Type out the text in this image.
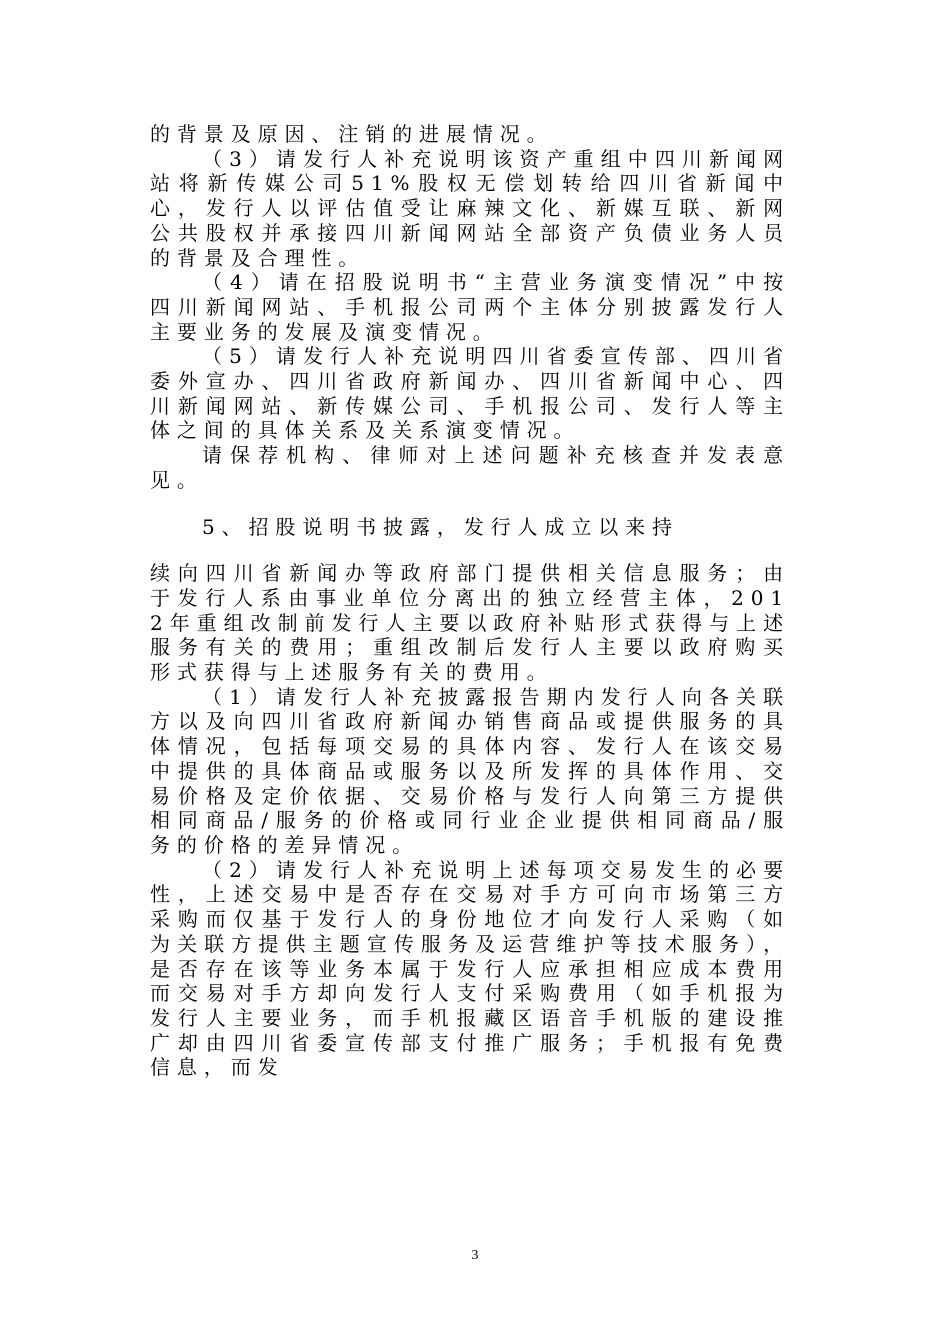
的背景及原因、注销的进展情况。

（3）请发行人补充说明该资产重组中四川新闻网站将新传媒公司51%股权无偿划转给四川省新闻中心，发行人以评估值受让麻辣文化、新媒互联、新网公共股权并承接四川新闻网站全部资产负债业务人员的背景及合理性。

（4）请在招股说明书“主营业务演变情况”中按四川新闻网站、手机报公司两个主体分别披露发行人主要业务的发展及演变情况。

（5）请发行人补充说明四川省委宣传部、四川省委外宣办、四川省政府新闻办、四川省新闻中心、四川新闻网站、新传媒公司、手机报公司、发行人等主体之间的具体关系及关系演变情况。

请保荐机构、律师对上述问题补充核查并发表意见。

5、招股说明书披露，发行人成立以来持

续向四川省新闻办等政府部门提供相关信息服务；由于发行人系由事业单位分离出的独立经营主体，2012年重组改制前发行人主要以政府补贴形式获得与上述服务有关的费用；重组改制后发行人主要以政府购买形式获得与上述服务有关的费用。

（1）请发行人补充披露报告期内发行人向各关联方以及向四川省政府新闻办销售商品或提供服务的具体情况，包括每项交易的具体内容、发行人在该交易中提供的具体商品或服务以及所发挥的具体作用、交易价格及定价依据、交易价格与发行人向第三方提供相同商品/服务的价格或同行业企业提供相同商品/服务的价格的差异情况。

（2）请发行人补充说明上述每项交易发生的必要性，上述交易中是否存在交易对手方可向市场第三方采购而仅基于发行人的身份地位才向发行人采购（如为关联方提供主题宣传服务及运营维护等技术服务），是否存在该等业务本属于发行人应承担相应成本费用而交易对手方却向发行人支付采购费用（如手机报为发行人主要业务，而手机报藏区语音手机版的建设推广却由四川省委宣传部支付推广服务；手机报有免费信息，而发

3
